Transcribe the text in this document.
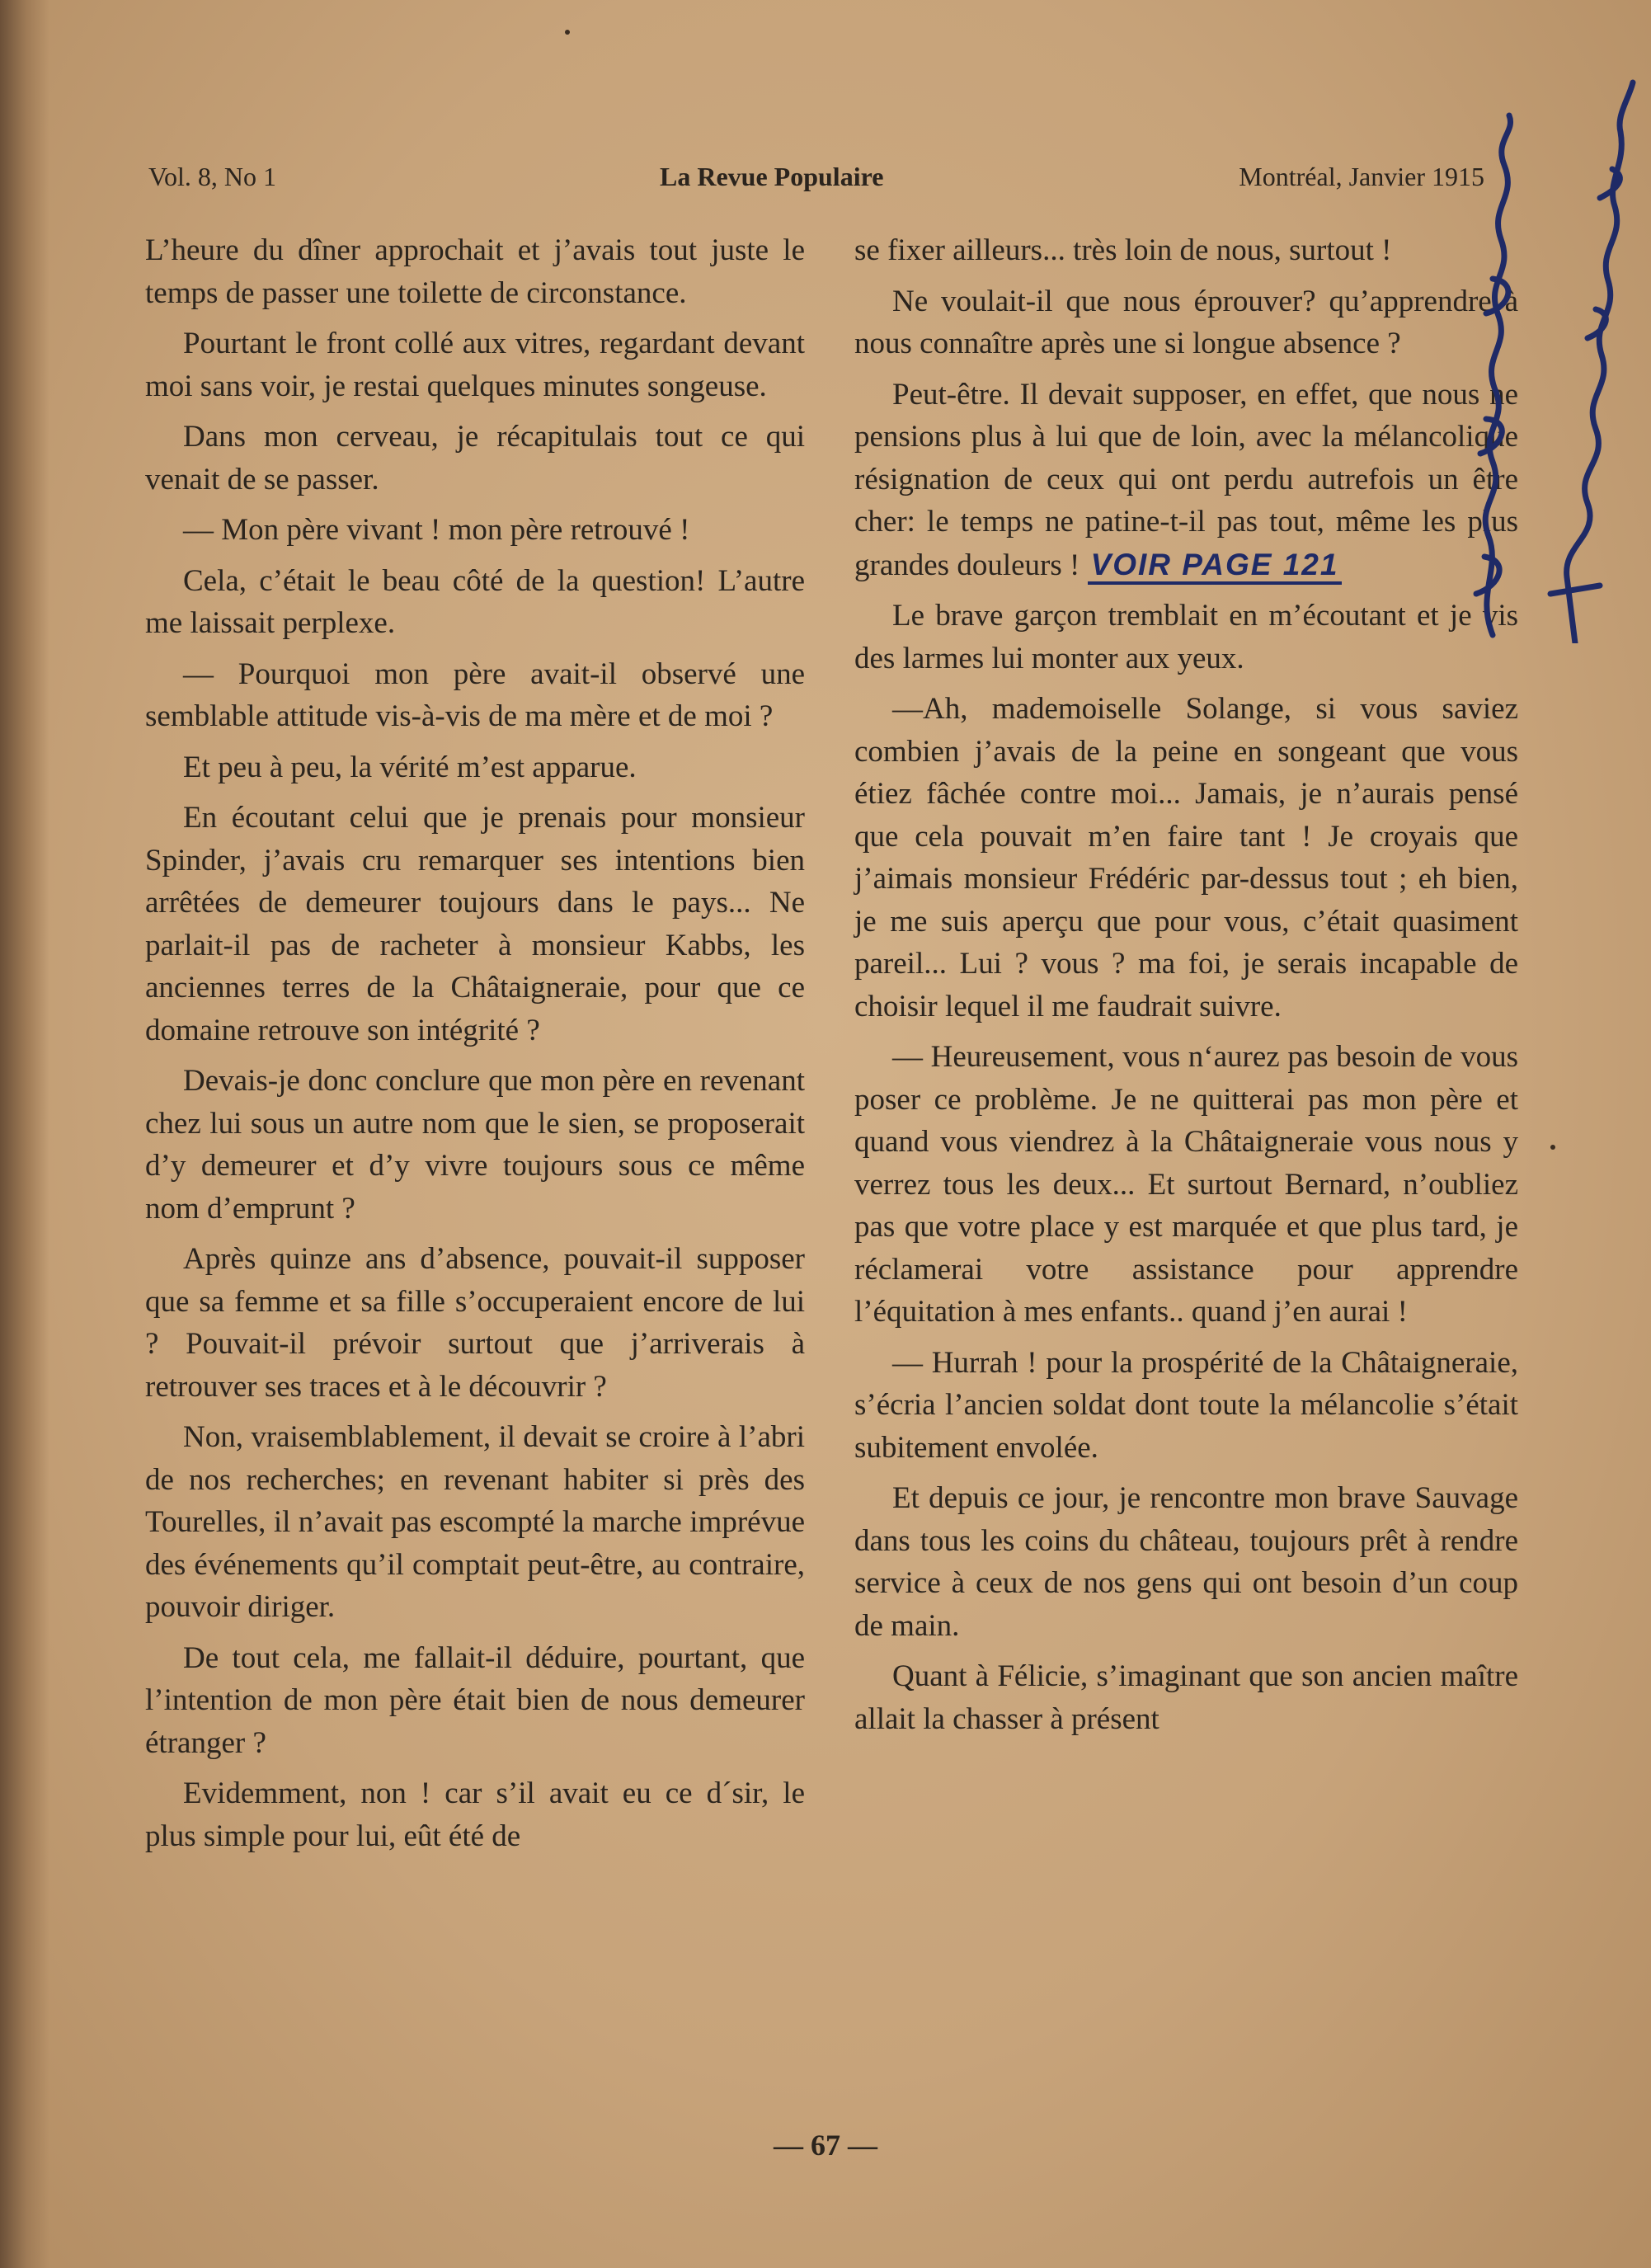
Vol. 8, No 1	La Revue Populaire	Montréal, Janvier 1915

L’heure du dîner approchait et j’avais tout juste le temps de passer une toilette de circonstance.

Pourtant le front collé aux vitres, regardant devant moi sans voir, je restai quelques minutes songeuse.

Dans mon cerveau, je récapitulais tout ce qui venait de se passer.

— Mon père vivant ! mon père retrouvé !

Cela, c’était le beau côté de la question! L’autre me laissait perplexe.

— Pourquoi mon père avait-il observé une semblable attitude vis-à-vis de ma mère et de moi ?

Et peu à peu, la vérité m’est apparue.

En écoutant celui que je prenais pour monsieur Spinder, j’avais cru remarquer ses intentions bien arrêtées de demeurer toujours dans le pays... Ne parlait-il pas de racheter à monsieur Kabbs, les anciennes terres de la Châtaigneraie, pour que ce domaine retrouve son intégrité ?

Devais-je donc conclure que mon père en revenant chez lui sous un autre nom que le sien, se proposerait d’y demeurer et d’y vivre toujours sous ce même nom d’emprunt ?

Après quinze ans d’absence, pouvait-il supposer que sa femme et sa fille s’occuperaient encore de lui ? Pouvait-il prévoir surtout que j’arriverais à retrouver ses traces et à le découvrir ?

Non, vraisemblablement, il devait se croire à l’abri de nos recherches; en revenant habiter si près des Tourelles, il n’avait pas escompté la marche imprévue des événements qu’il comptait peut-être, au contraire, pouvoir diriger.

De tout cela, me fallait-il déduire, pourtant, que l’intention de mon père était bien de nous demeurer étranger ?

Evidemment, non ! car s’il avait eu ce d´sir, le plus simple pour lui, eût été de

se fixer ailleurs... très loin de nous, surtout !

Ne voulait-il que nous éprouver? qu’apprendre à nous connaître après une si longue absence ?

Peut-être. Il devait supposer, en effet, que nous ne pensions plus à lui que de loin, avec la mélancolique résignation de ceux qui ont perdu autrefois un être cher: le temps ne patine-t-il pas tout, même les plus grandes douleurs ! VOIR PAGE 121

Le brave garçon tremblait en m’écoutant et je vis des larmes lui monter aux yeux.

—Ah, mademoiselle Solange, si vous saviez combien j’avais de la peine en songeant que vous étiez fâchée contre moi... Jamais, je n’aurais pensé que cela pouvait m’en faire tant ! Je croyais que j’aimais monsieur Frédéric par-dessus tout ; eh bien, je me suis aperçu que pour vous, c’était quasiment pareil... Lui ? vous ? ma foi, je serais incapable de choisir lequel il me faudrait suivre.

— Heureusement, vous n‘aurez pas besoin de vous poser ce problème. Je ne quitterai pas mon père et quand vous viendrez à la Châtaigneraie vous nous y verrez tous les deux... Et surtout Bernard, n’oubliez pas que votre place y est marquée et que plus tard, je réclamerai votre assistance pour apprendre l’équitation à mes enfants.. quand j’en aurai !

— Hurrah ! pour la prospérité de la Châtaigneraie, s’écria l’ancien soldat dont toute la mélancolie s’était subitement envolée.

Et depuis ce jour, je rencontre mon brave Sauvage dans tous les coins du château, toujours prêt à rendre service à ceux de nos gens qui ont besoin d’un coup de main.

Quant à Félicie, s’imaginant que son ancien maître allait la chasser à présent

— 67 —
